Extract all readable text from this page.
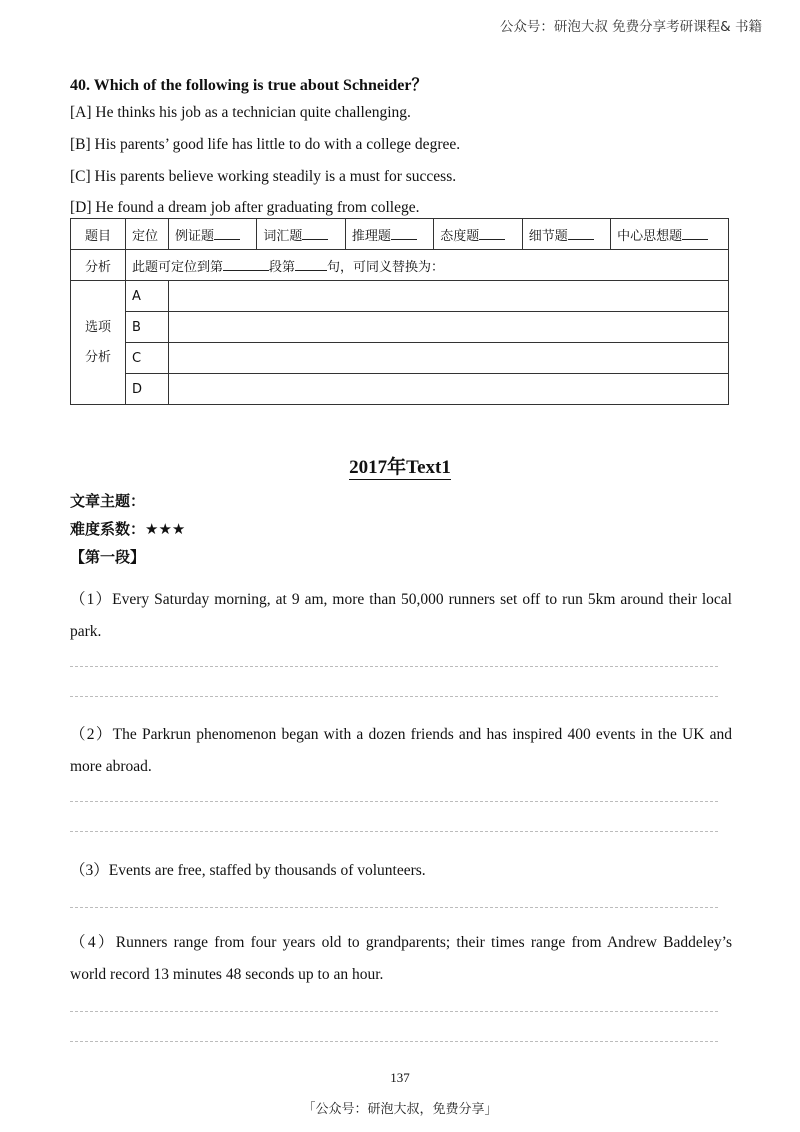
公众号：研泡大叔 免费分享考研课程& 书籍
40. Which of the following is true about Schneider？
[A] He thinks his job as a technician quite challenging.
[B] His parents’ good life has little to do with a college degree.
[C] His parents believe working steadily is a must for success.
[D] He found a dream job after graduating from college.
题目	定位	例证题	词汇题	推理题	态度题	细节题	中心思想题
分析	此题可定位到第 段第 句，可同义替换为：						
选项
分析	A						
	B						
	C						
	D						
2017年Text1
文章主题：
难度系数：★★★
【第一段】
（1）Every Saturday morning, at 9 am, more than 50,000 runners set off to run 5km around their local park.
（2）The Parkrun phenomenon began with a dozen friends and has inspired 400 events in the UK and more abroad.
（3）Events are free, staffed by thousands of volunteers.
（4）Runners range from four years old to grandparents; their times range from Andrew Baddeley’s world record 13 minutes 48 seconds up to an hour.
137
「公众号：研泡大叔，免费分享」
